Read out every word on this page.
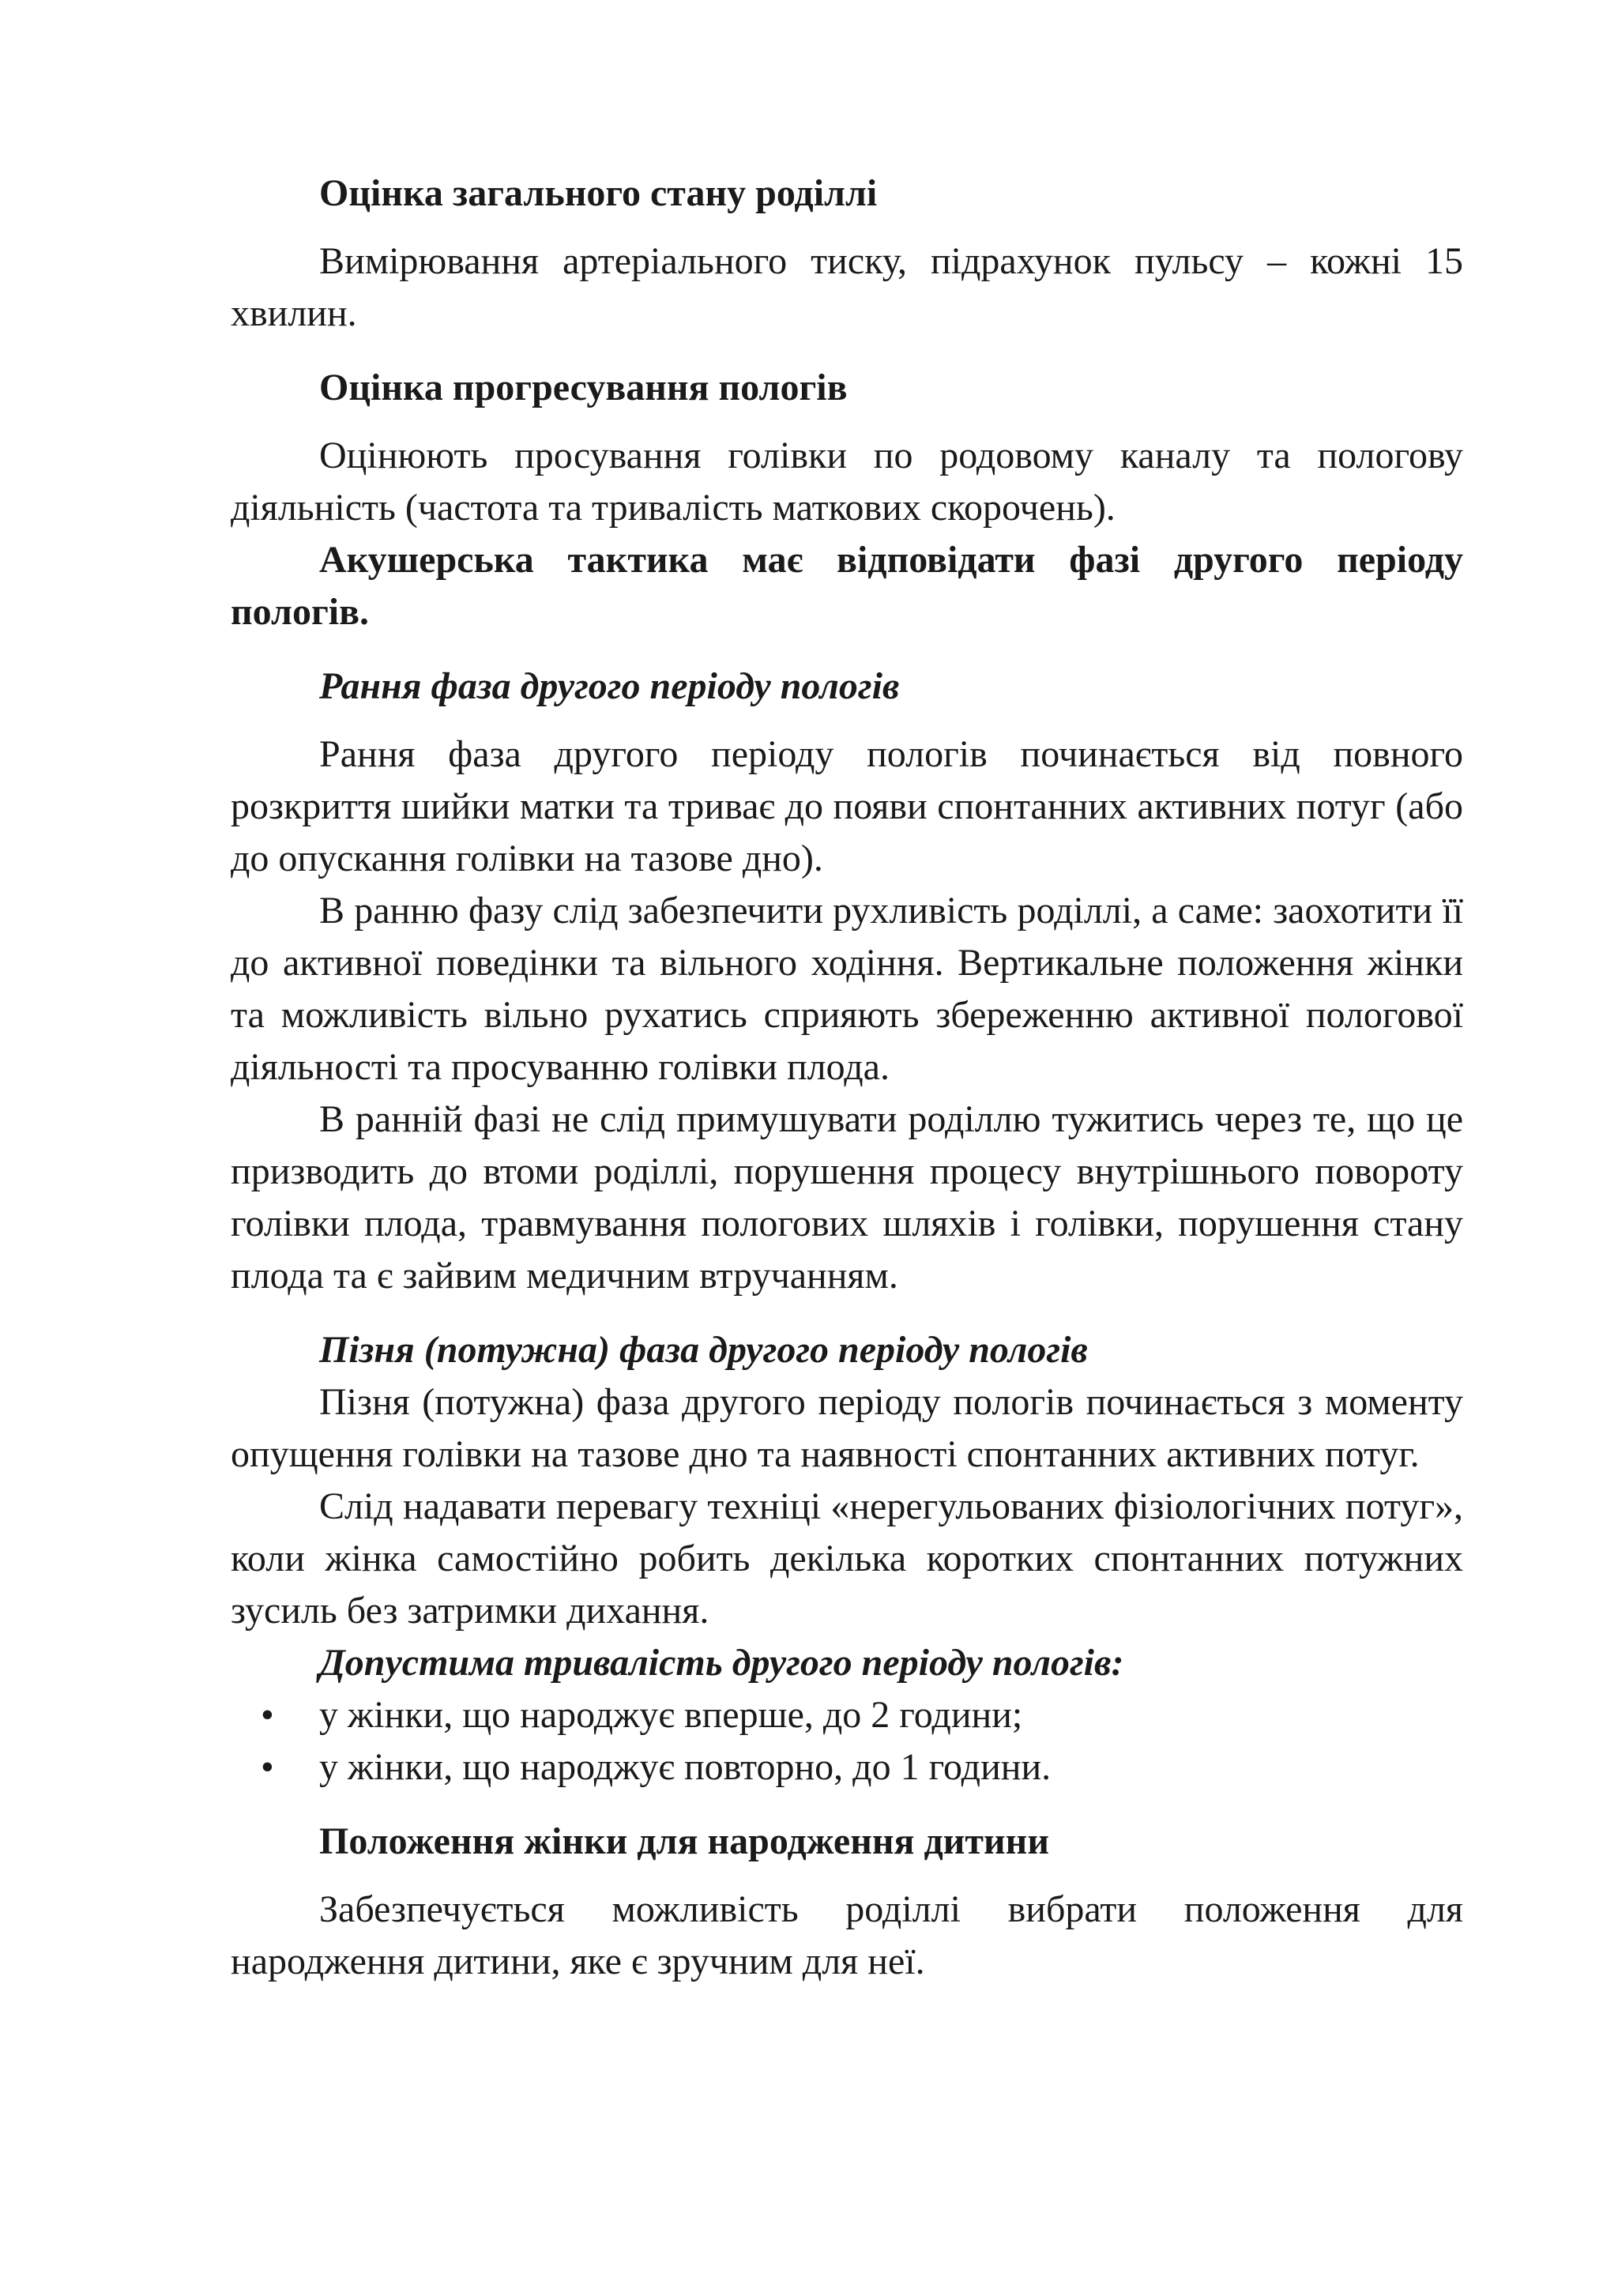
Оцінка загального стану роділлі

Вимірювання артеріального тиску, підрахунок пульсу – кожні 15 хвилин.

Оцінка прогресування пологів

Оцінюють просування голівки по родовому каналу та пологову діяльність (частота та тривалість маткових скорочень).

Акушерська тактика має відповідати фазі другого періоду пологів.

Рання фаза другого періоду пологів

Рання фаза другого періоду пологів починається від повного розкриття шийки матки та триває до появи спонтанних активних потуг (або до опускання голівки на тазове дно).

В ранню фазу слід забезпечити рухливість роділлі, а саме: заохотити її до активної поведінки та вільного ходіння. Вертикальне положення жінки та можливість вільно рухатись сприяють збереженню активної пологової діяльності та просуванню голівки плода.

В ранній фазі не слід примушувати роділлю тужитись через те, що це призводить до втоми роділлі, порушення процесу внутрішнього повороту голівки плода, травмування пологових шляхів і голівки, порушення стану плода та є зайвим медичним втручанням.

Пізня (потужна) фаза другого періоду пологів

Пізня (потужна) фаза другого періоду пологів починається з моменту опущення голівки на тазове дно та наявності спонтанних активних потуг.

Слід надавати перевагу техніці «нерегульованих фізіологічних потуг», коли жінка самостійно робить декілька коротких спонтанних потужних зусиль без затримки дихання.

Допустима тривалість другого періоду пологів:

• у жінки, що народжує вперше, до 2 години;
• у жінки, що народжує повторно, до 1 години.

Положення жінки для народження дитини

Забезпечується можливість роділлі вибрати положення для народження дитини, яке є зручним для неї.
